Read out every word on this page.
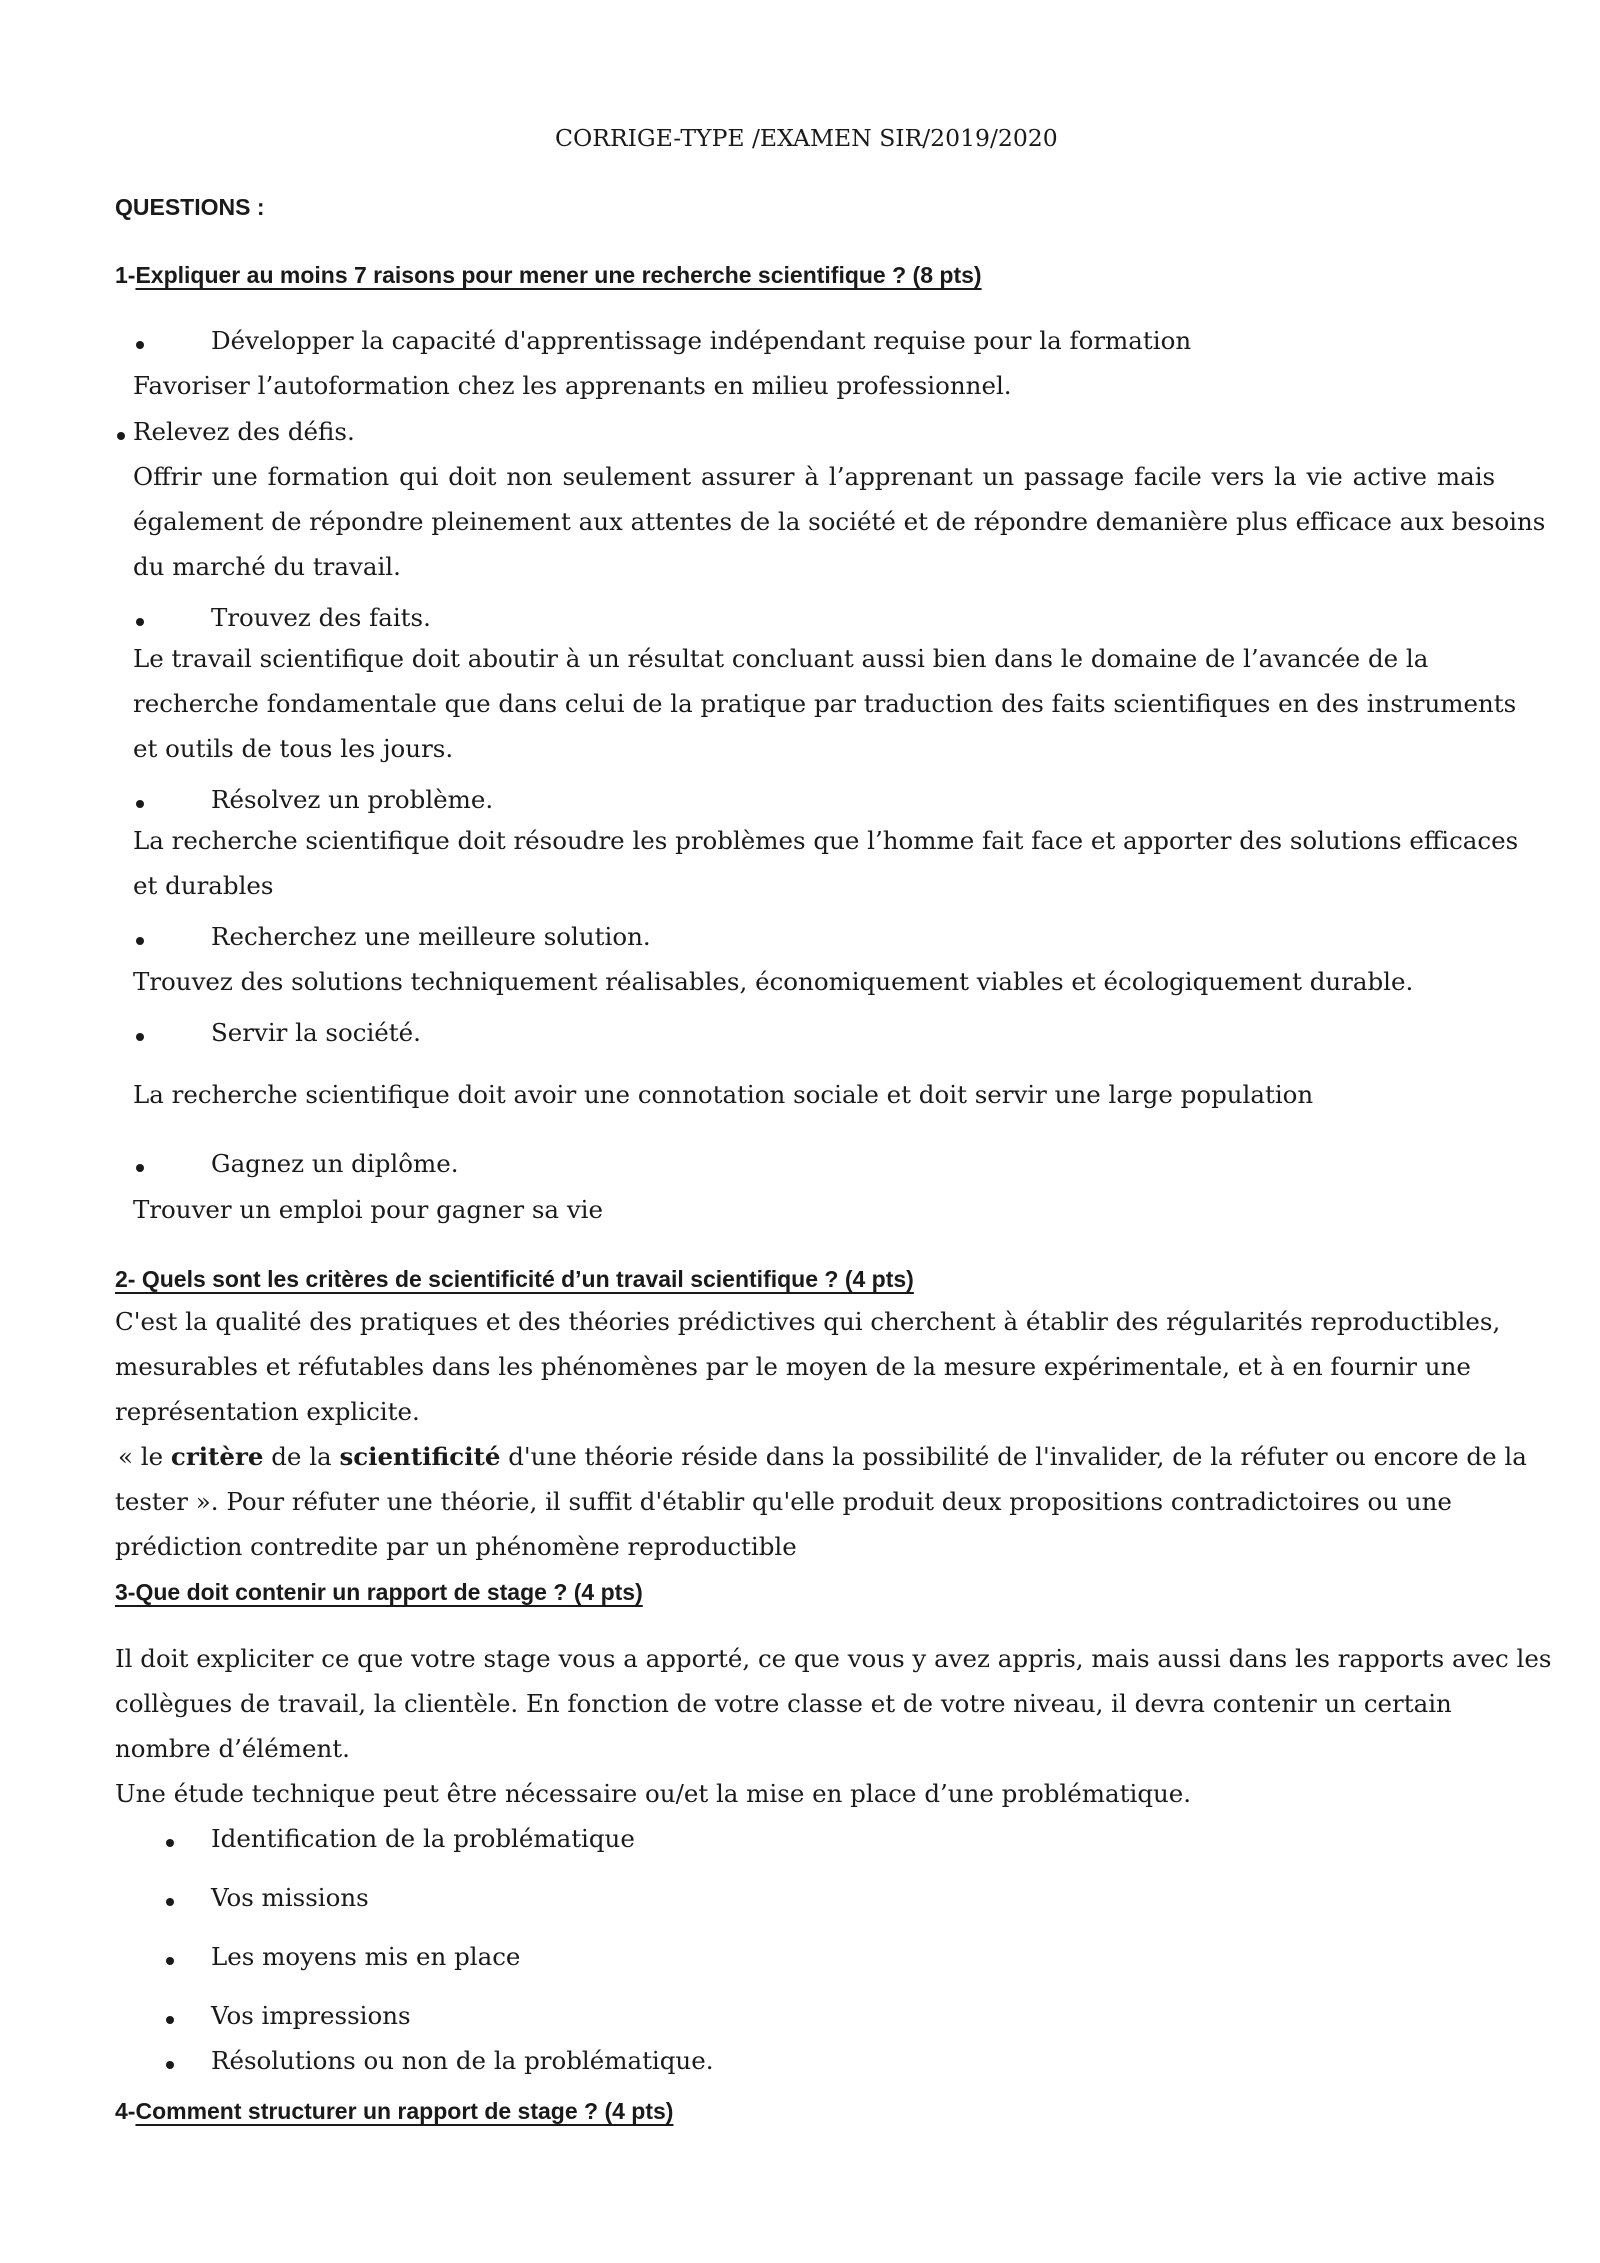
CORRIGE-TYPE /EXAMEN SIR/2019/2020
QUESTIONS :
1-Expliquer au moins 7 raisons pour mener une recherche scientifique ? (8 pts)
Développer la capacité d'apprentissage indépendant requise pour la formation
Favoriser l’autoformation chez les apprenants en milieu professionnel.
Relevez des défis.
Offrir une formation qui doit non seulement assurer à l’apprenant un passage facile vers la vie active mais
également de répondre pleinement aux attentes de la société et de répondre demanière plus efficace aux besoins
du marché du travail.
Trouvez des faits.
Le travail scientifique doit aboutir à un résultat concluant aussi bien dans le domaine de l’avancée de la
recherche fondamentale que dans celui de la pratique par traduction des faits scientifiques en des instruments
et outils de tous les jours.
Résolvez un problème.
La recherche scientifique doit résoudre les problèmes que l’homme fait face et apporter des solutions efficaces
et durables
Recherchez une meilleure solution.
Trouvez des solutions techniquement réalisables, économiquement viables et écologiquement durable.
Servir la société.
La recherche scientifique doit avoir une connotation sociale et doit servir une large population
Gagnez un diplôme.
Trouver un emploi pour gagner sa vie
2- Quels sont les critères de scientificité d’un travail scientifique ? (4 pts)
C'est la qualité des pratiques et des théories prédictives qui cherchent à établir des régularités reproductibles,
mesurables et réfutables dans les phénomènes par le moyen de la mesure expérimentale, et à en fournir une
représentation explicite.
« le critère de la scientificité d'une théorie réside dans la possibilité de l'invalider, de la réfuter ou encore de la
tester ». Pour réfuter une théorie, il suffit d'établir qu'elle produit deux propositions contradictoires ou une
prédiction contredite par un phénomène reproductible
3-Que doit contenir un rapport de stage ? (4 pts)
Il doit expliciter ce que votre stage vous a apporté, ce que vous y avez appris, mais aussi dans les rapports avec les
collègues de travail, la clientèle. En fonction de votre classe et de votre niveau, il devra contenir un certain
nombre d’élément.
Une étude technique peut être nécessaire ou/et la mise en place d’une problématique.
Identification de la problématique
Vos missions
Les moyens mis en place
Vos impressions
Résolutions ou non de la problématique.
4-Comment structurer un rapport de stage ? (4 pts)
